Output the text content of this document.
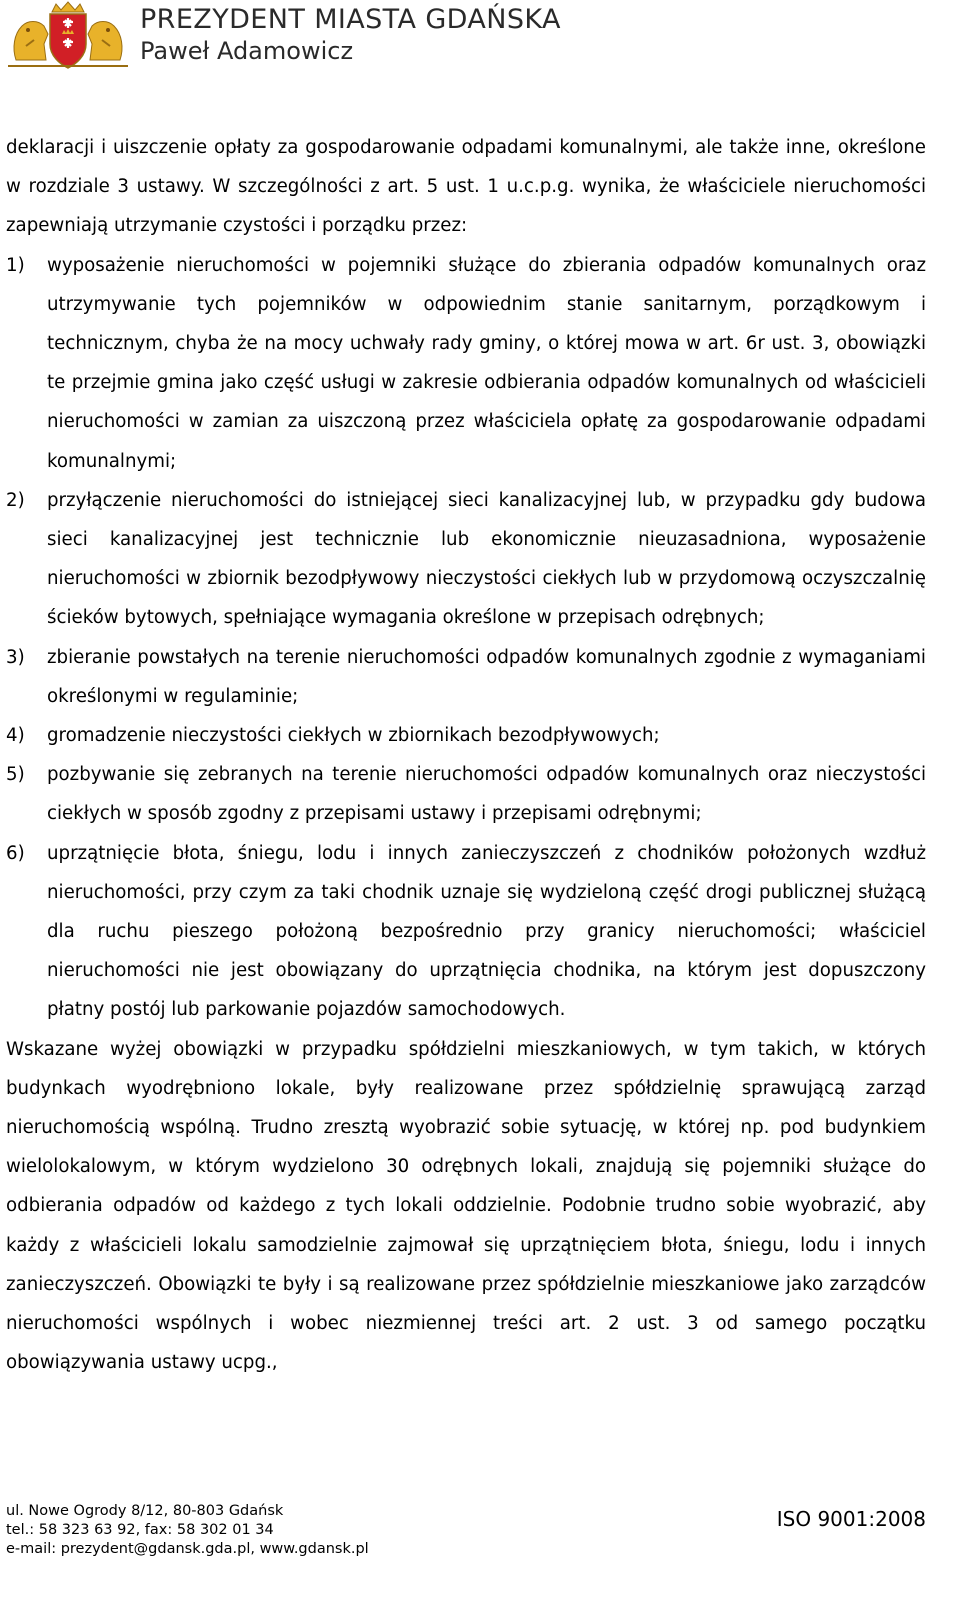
PREZYDENT MIASTA GDAŃSKA
Paweł Adamowicz

deklaracji i uiszczenie opłaty za gospodarowanie odpadami komunalnymi, ale także inne, określone w rozdziale 3 ustawy. W szczególności z art. 5 ust. 1 u.c.p.g. wynika, że właściciele nieruchomości zapewniają utrzymanie czystości i porządku przez:

1) wyposażenie nieruchomości w pojemniki służące do zbierania odpadów komunalnych oraz utrzymywanie tych pojemników w odpowiednim stanie sanitarnym, porządkowym i technicznym, chyba że na mocy uchwały rady gminy, o której mowa w art. 6r ust. 3, obowiązki te przejmie gmina jako część usługi w zakresie odbierania odpadów komunalnych od właścicieli nieruchomości w zamian za uiszczoną przez właściciela opłatę za gospodarowanie odpadami komunalnymi;
2) przyłączenie nieruchomości do istniejącej sieci kanalizacyjnej lub, w przypadku gdy budowa sieci kanalizacyjnej jest technicznie lub ekonomicznie nieuzasadniona, wyposażenie nieruchomości w zbiornik bezodpływowy nieczystości ciekłych lub w przydomową oczyszczalnię ścieków bytowych, spełniające wymagania określone w przepisach odrębnych;
3) zbieranie powstałych na terenie nieruchomości odpadów komunalnych zgodnie z wymaganiami określonymi w regulaminie;
4) gromadzenie nieczystości ciekłych w zbiornikach bezodpływowych;
5) pozbywanie się zebranych na terenie nieruchomości odpadów komunalnych oraz nieczystości ciekłych w sposób zgodny z przepisami ustawy i przepisami odrębnymi;
6) uprzątnięcie błota, śniegu, lodu i innych zanieczyszczeń z chodników położonych wzdłuż nieruchomości, przy czym za taki chodnik uznaje się wydzieloną część drogi publicznej służącą dla ruchu pieszego położoną bezpośrednio przy granicy nieruchomości; właściciel nieruchomości nie jest obowiązany do uprzątnięcia chodnika, na którym jest dopuszczony płatny postój lub parkowanie pojazdów samochodowych.

Wskazane wyżej obowiązki w przypadku spółdzielni mieszkaniowych, w tym takich, w których budynkach wyodrębniono lokale, były realizowane przez spółdzielnię sprawującą zarząd nieruchomością wspólną. Trudno zresztą wyobrazić sobie sytuację, w której np. pod budynkiem wielolokalowym, w którym wydzielono 30 odrębnych lokali, znajdują się pojemniki służące do odbierania odpadów od każdego z tych lokali oddzielnie. Podobnie trudno sobie wyobrazić, aby każdy z właścicieli lokalu samodzielnie zajmował się uprzątnięciem błota, śniegu, lodu i innych zanieczyszczeń. Obowiązki te były i są realizowane przez spółdzielnie mieszkaniowe jako zarządców nieruchomości wspólnych i wobec niezmiennej treści art. 2 ust. 3 od samego początku obowiązywania ustawy ucpg.,

ul. Nowe Ogrody 8/12, 80-803 Gdańsk
tel.: 58 323 63 92, fax: 58 302 01 34
e-mail: prezydent@gdansk.gda.pl, www.gdansk.pl
ISO 9001:2008
